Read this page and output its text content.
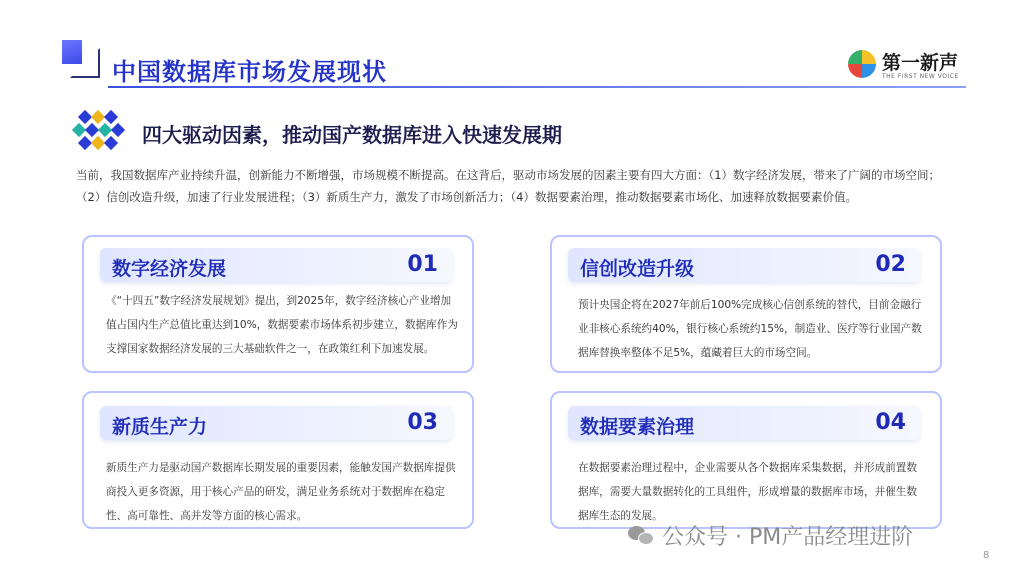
中国数据库市场发展现状	第一新声
THE FIRST NEW VOICE
四大驱动因素，推动国产数据库进入快速发展期
当前，我国数据库产业持续升温，创新能力不断增强，市场规模不断提高。在这背后，驱动市场发展的因素主要有四大方面：（1）数字经济发展，带来了广阔的市场空间；（2）信创改造升级，加速了行业发展进程；（3）新质生产力，激发了市场创新活力；（4）数据要素治理，推动数据要素市场化、加速释放数据要素价值。
数字经济发展	01
《“十四五”数字经济发展规划》提出，到2025年，数字经济核心产业增加值占国内生产总值比重达到10%，数据要素市场体系初步建立，数据库作为支撑国家数据经济发展的三大基础软件之一，在政策红利下加速发展。
信创改造升级	02
预计央国企将在2027年前后100%完成核心信创系统的替代，目前金融行业非核心系统约40%，银行核心系统约15%，制造业、医疗等行业国产数据库替换率整体不足5%，蕴藏着巨大的市场空间。
新质生产力	03
新质生产力是驱动国产数据库长期发展的重要因素，能触发国产数据库提供商投入更多资源，用于核心产品的研发，满足业务系统对于数据库在稳定性、高可靠性、高并发等方面的核心需求。
数据要素治理	04
在数据要素治理过程中，企业需要从各个数据库采集数据，并形成前置数据库，需要大量数据转化的工具组件，形成增量的数据库市场，并催生数据库生态的发展。
公众号 · PM产品经理进阶
8
